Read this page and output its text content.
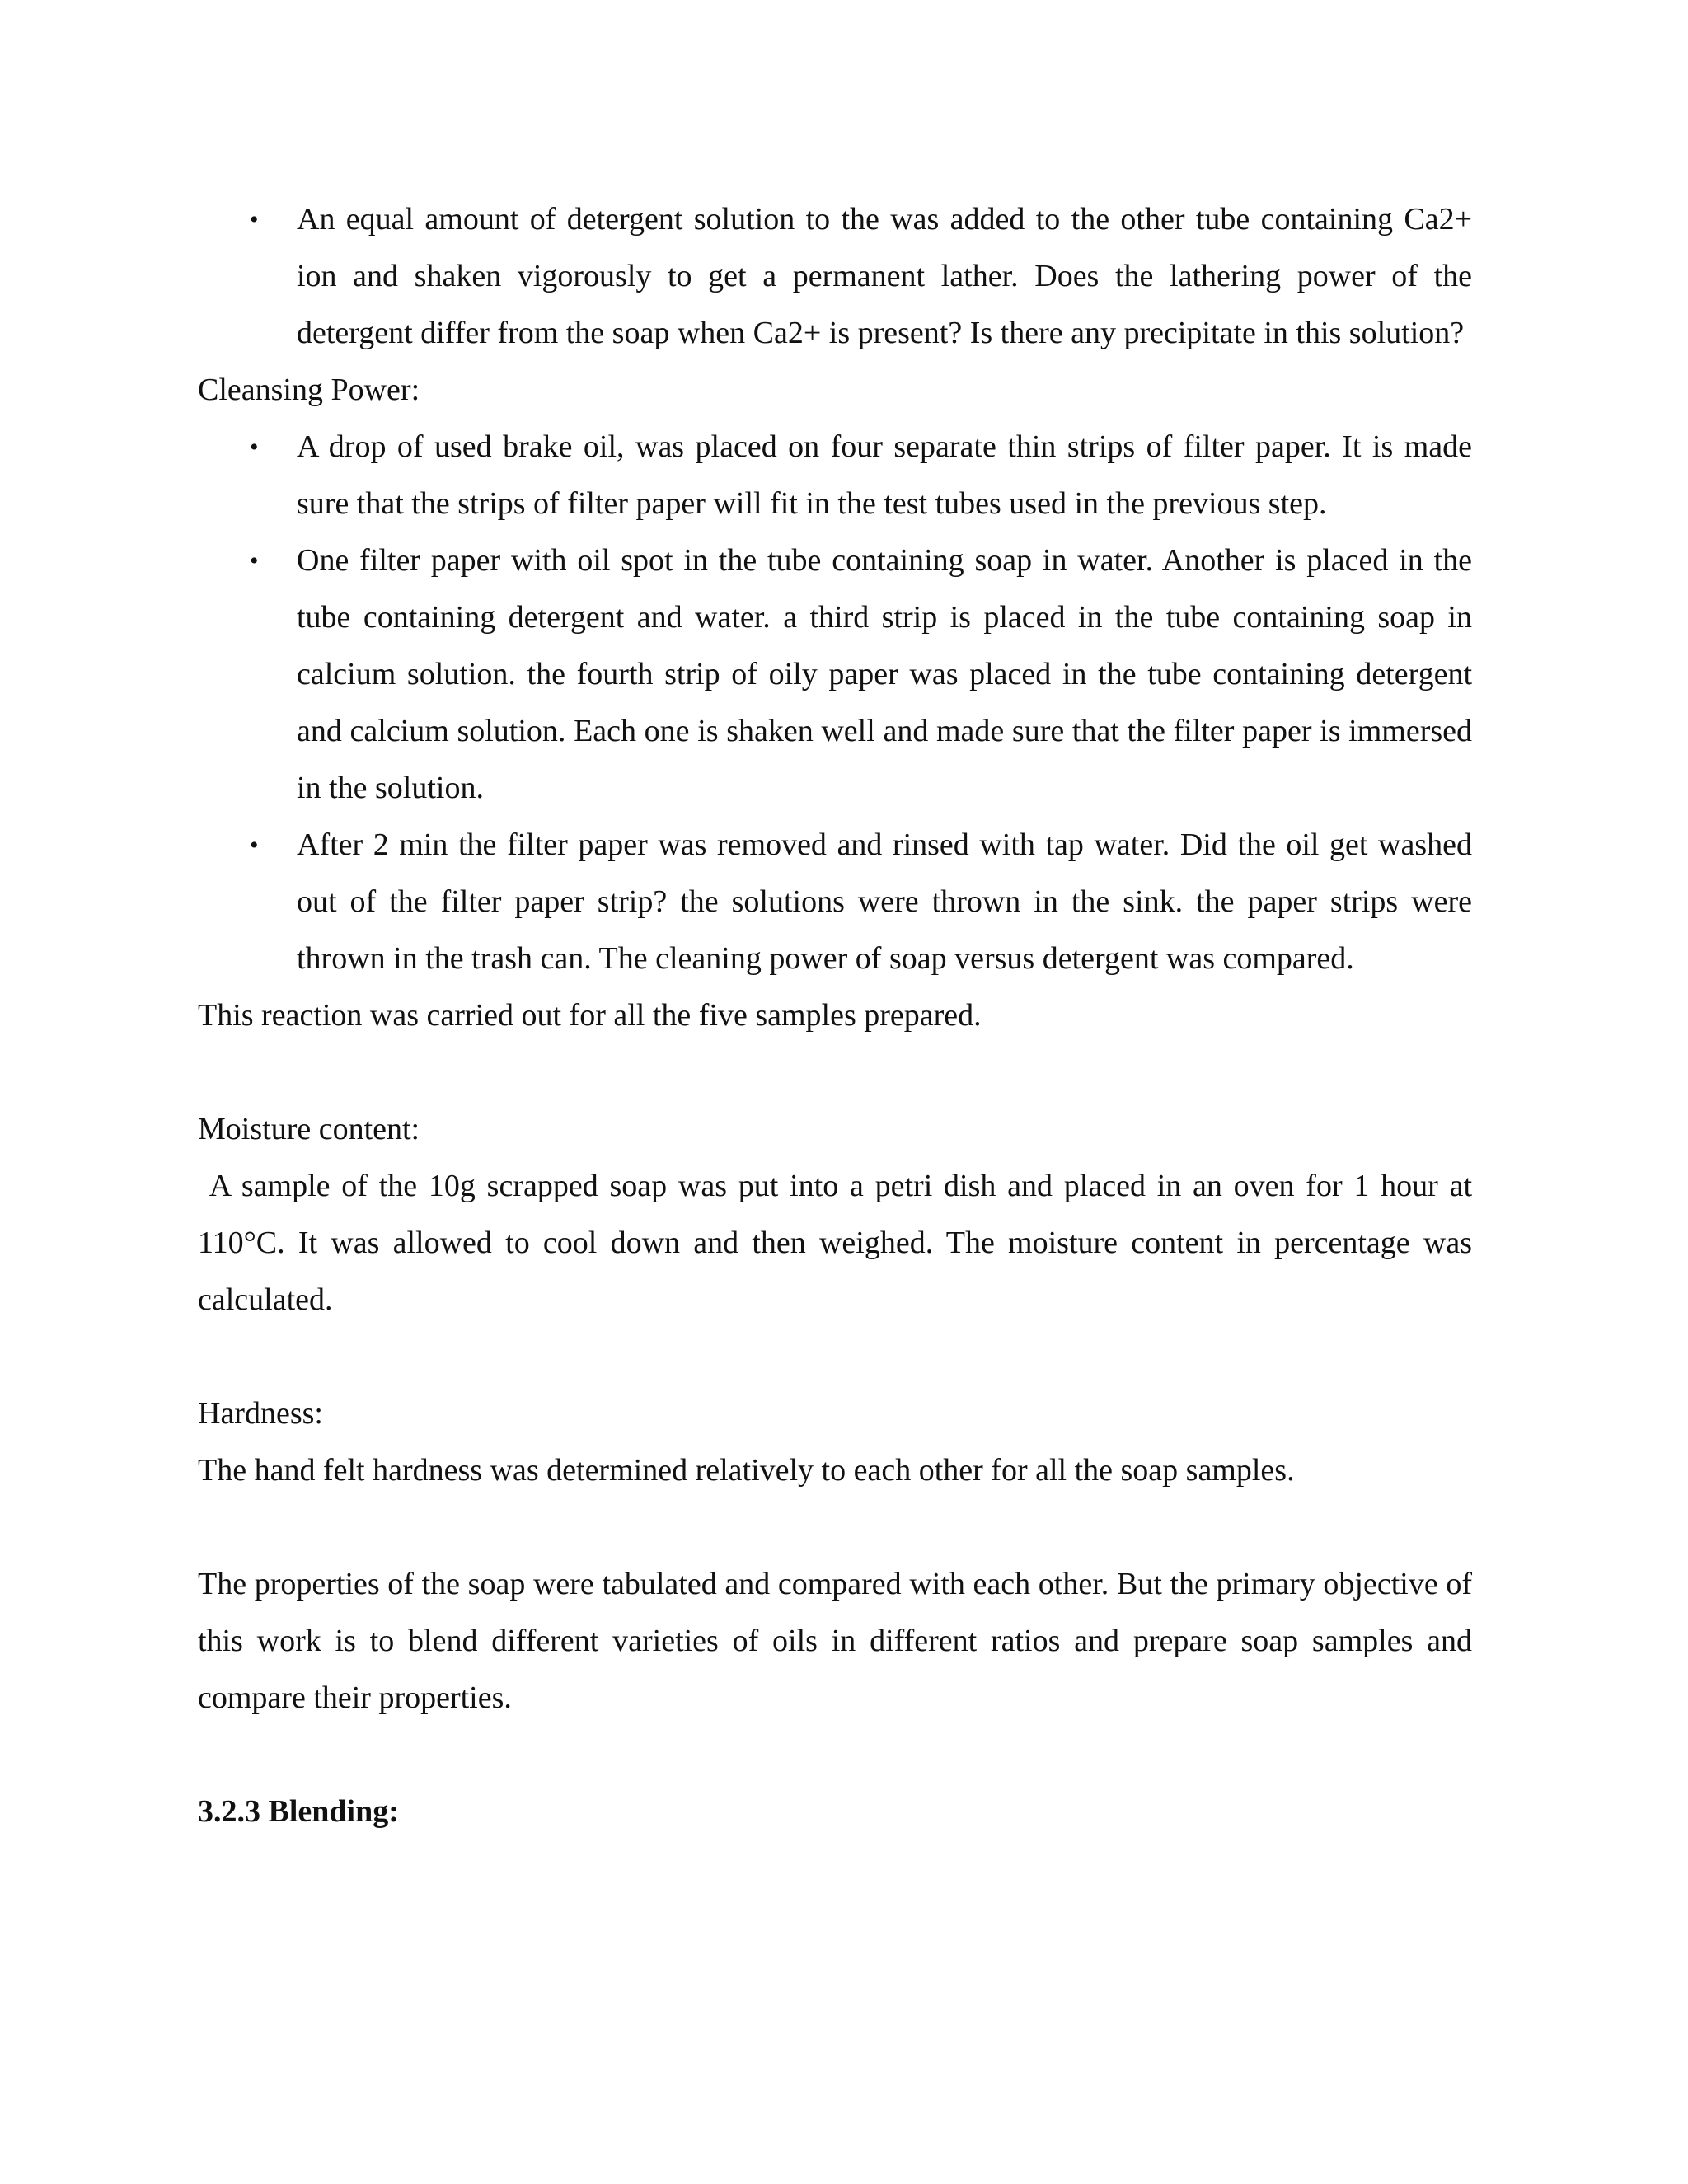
• An equal amount of detergent solution to the was added to the other tube containing Ca2+ ion and shaken vigorously to get a permanent lather. Does the lathering power of the detergent differ from the soap when Ca2+ is present? Is there any precipitate in this solution?

Cleansing Power:

• A drop of used brake oil, was placed on four separate thin strips of filter paper. It is made sure that the strips of filter paper will fit in the test tubes used in the previous step.
• One filter paper with oil spot in the tube containing soap in water. Another is placed in the tube containing detergent and water. a third strip is placed in the tube containing soap in calcium solution. the fourth strip of oily paper was placed in the tube containing detergent and calcium solution. Each one is shaken well and made sure that the filter paper is immersed in the solution.
• After 2 min the filter paper was removed and rinsed with tap water. Did the oil get washed out of the filter paper strip? the solutions were thrown in the sink. the paper strips were thrown in the trash can. The cleaning power of soap versus detergent was compared.

This reaction was carried out for all the five samples prepared.

Moisture content:

A sample of the 10g scrapped soap was put into a petri dish and placed in an oven for 1 hour at 110°C. It was allowed to cool down and then weighed. The moisture content in percentage was calculated.

Hardness:

The hand felt hardness was determined relatively to each other for all the soap samples.

The properties of the soap were tabulated and compared with each other. But the primary objective of this work is to blend different varieties of oils in different ratios and prepare soap samples and compare their properties.

3.2.3 Blending:
